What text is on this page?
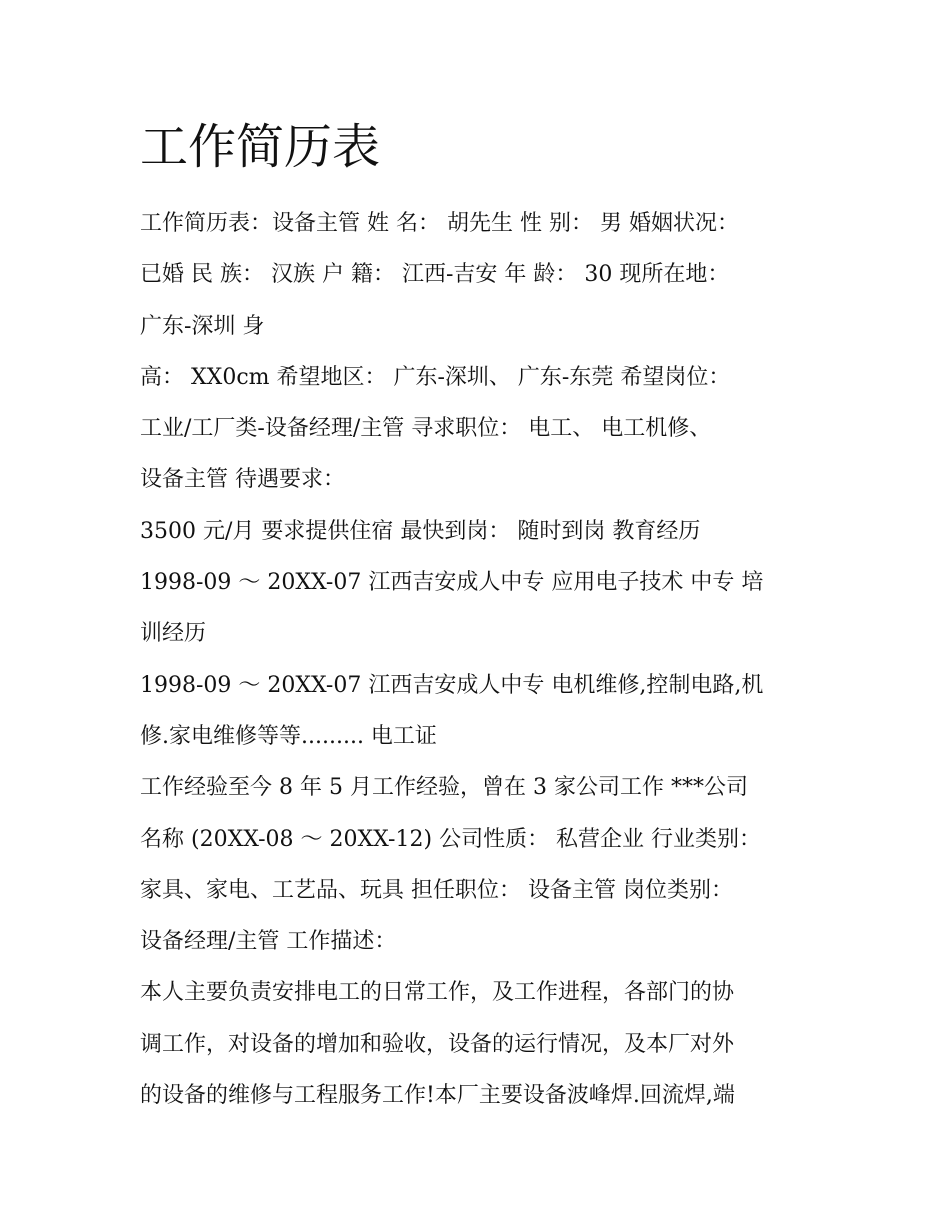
工作简历表
工作简历表：设备主管 姓 名： 胡先生 性 别： 男 婚姻状况：
已婚 民 族： 汉族 户 籍： 江西-吉安 年 龄： 30 现所在地：
广东-深圳 身
高： XX0cm 希望地区： 广东-深圳、 广东-东莞 希望岗位：
工业/工厂类-设备经理/主管 寻求职位： 电工、 电工机修、
设备主管 待遇要求：
3500 元/月 要求提供住宿 最快到岗： 随时到岗 教育经历
1998-09 ～ 20XX-07 江西吉安成人中专 应用电子技术 中专 培
训经历
1998-09 ～ 20XX-07 江西吉安成人中专 电机维修,控制电路,机
修.家电维修等等......... 电工证
工作经验至今 8 年 5 月工作经验，曾在 3 家公司工作 ***公司
名称 (20XX-08 ～ 20XX-12) 公司性质： 私营企业 行业类别：
家具、家电、工艺品、玩具 担任职位： 设备主管 岗位类别：
设备经理/主管 工作描述：
本人主要负责安排电工的日常工作，及工作进程，各部门的协
调工作，对设备的增加和验收，设备的运行情况，及本厂对外
的设备的维修与工程服务工作!本厂主要设备波峰焊.回流焊,端
